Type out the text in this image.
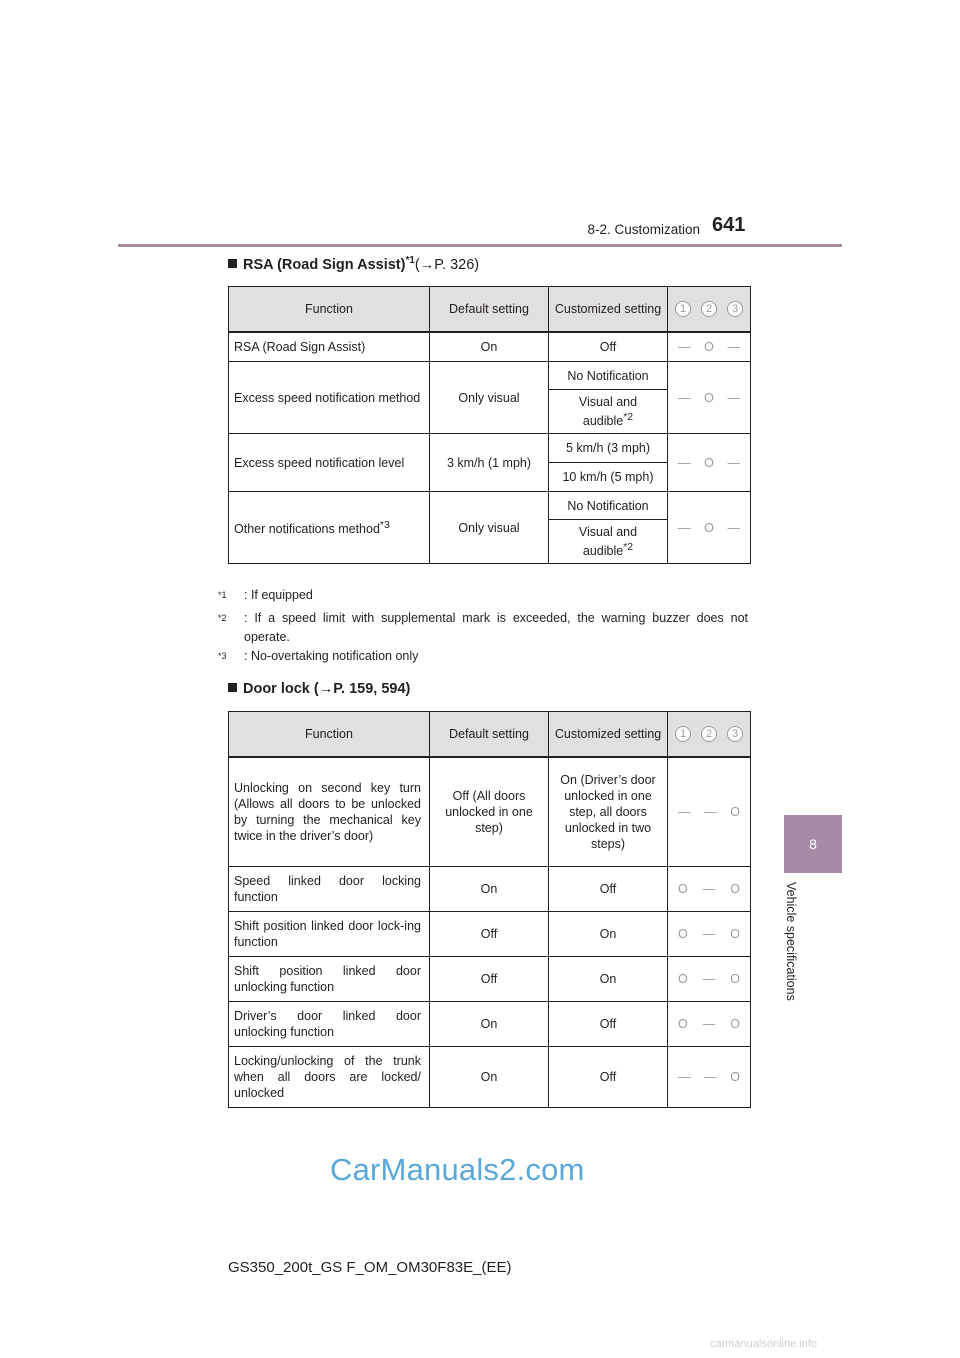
8-2. Customization 641
8
Vehicle specifications
RSA (Road Sign Assist)$^{*1}$(→P. 326)
Function	Default setting	Customized setting	1 2 3

RSA (Road Sign Assist)	On	Off	— O —

Excess speed notification method	Only visual	No Notification	— O —

		Visual and audible$^{*2}$
Excess speed notification level	3 km/h (1 mph)	5 km/h (3 mph)	— O —

		10 km/h (5 mph)	
Other notifications method$^{*3}$	Only visual	No Notification	— O —

		Visual and audible$^{*2}$
$^{*1}$	: If equipped
$^{*2}$	: If a speed limit with supplemental mark is exceeded, the warning buzzer does not operate.
$^{*3}$	: No-overtaking notification only
Door lock (→P. 159, 594)
Function	Default setting	Customized setting	1 2 3

Unlocking on second key turn (Allows all doors to be unlocked by turning the mechanical key twice in the driver’s door)	Off (All doors unlocked in one step)	On (Driver’s door unlocked in one step, all doors unlocked in two steps)	— — O

Speed linked door locking function	On	Off	O — O

Shift position linked door lock-ing function	Off	On	O — O

Shift position linked door unlocking function	Off	On	O — O

Driver’s door linked door unlocking function	On	Off	O — O

Locking/unlocking of the trunk when all doors are locked/ unlocked	On	Off	— — O
CarManuals2.com
GS350_200t_GS F_OM_OM30F83E_(EE)
carmanualsonline.info
